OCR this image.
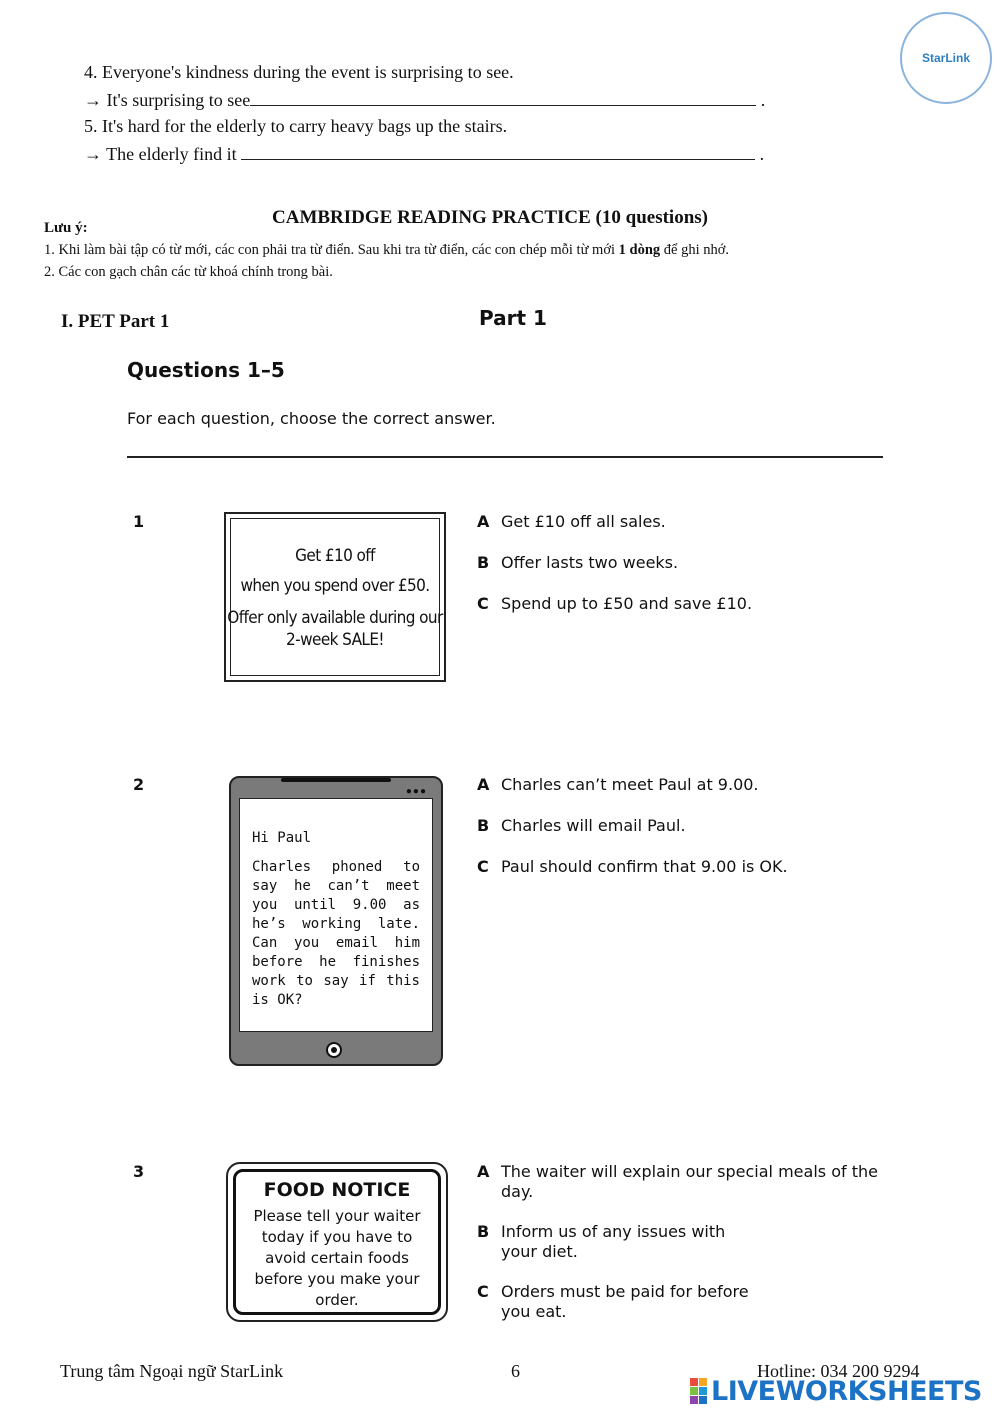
StarLink
4. Everyone's kindness during the event is surprising to see.
→ It's surprising to see	.
5. It's hard for the elderly to carry heavy bags up the stairs.
→ The elderly find it	.
CAMBRIDGE READING PRACTICE (10 questions)
Lưu ý:
1. Khi làm bài tập có từ mới, các con phải tra từ điển. Sau khi tra từ điển, các con chép mỗi từ mới 1 dòng để ghi nhớ.
2. Các con gạch chân các từ khoá chính trong bài.
I. PET Part 1	Part 1
Questions 1–5
For each question, choose the correct answer.
1
Get £10 off
when you spend over £50.
Offer only available during our
2-week SALE!
A Get £10 off all sales.
B Offer lasts two weeks.
C Spend up to £50 and save £10.
2	●●●
Hi Paul
Charles phoned to say he can’t meet you until 9.00 as he’s working late. Can you email him before he finishes work to say if this is OK?
A Charles can’t meet Paul at 9.00.
B Charles will email Paul.
C Paul should confirm that 9.00 is OK.
3
FOOD NOTICE
Please tell your waiter
today if you have to
avoid certain foods
before you make your
order.
A The waiter will explain our special meals of the
day.
B Inform us of any issues with
your diet.
C Orders must be paid for before
you eat.
Trung tâm Ngoại ngữ StarLink	6	Hotline: 034 200 9294
LIVEWORKSHEETS
